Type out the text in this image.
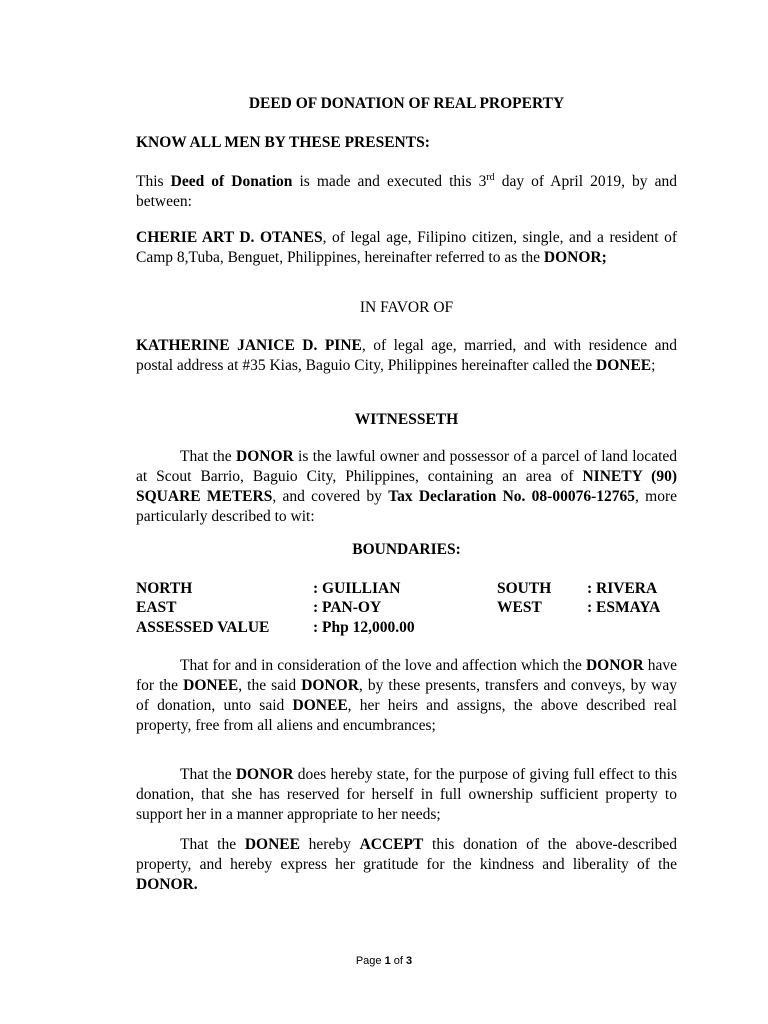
DEED OF DONATION OF REAL PROPERTY

KNOW ALL MEN BY THESE PRESENTS:

This Deed of Donation is made and executed this 3rd day of April 2019, by and between:

CHERIE ART D. OTANES, of legal age, Filipino citizen, single, and a resident of Camp 8,Tuba, Benguet, Philippines, hereinafter referred to as the DONOR;

IN FAVOR OF

KATHERINE JANICE D. PINE, of legal age, married, and with residence and postal address at #35 Kias, Baguio City, Philippines hereinafter called the DONEE;

WITNESSETH

That the DONOR is the lawful owner and possessor of a parcel of land located at Scout Barrio, Baguio City, Philippines, containing an area of NINETY (90) SQUARE METERS, and covered by Tax Declaration No. 08-00076-12765, more particularly described to wit:

BOUNDARIES:

NORTH	: GUILLIAN	SOUTH : RIVERA
EAST	: PAN-OY	WEST	: ESMAYA
ASSESSED VALUE	: Php 12,000.00

That for and in consideration of the love and affection which the DONOR have for the DONEE, the said DONOR, by these presents, transfers and conveys, by way of donation, unto said DONEE, her heirs and assigns, the above described real property, free from all aliens and encumbrances;

That the DONOR does hereby state, for the purpose of giving full effect to this donation, that she has reserved for herself in full ownership sufficient property to support her in a manner appropriate to her needs;

That the DONEE hereby ACCEPT this donation of the above-described property, and hereby express her gratitude for the kindness and liberality of the DONOR.

Page 1 of 3
